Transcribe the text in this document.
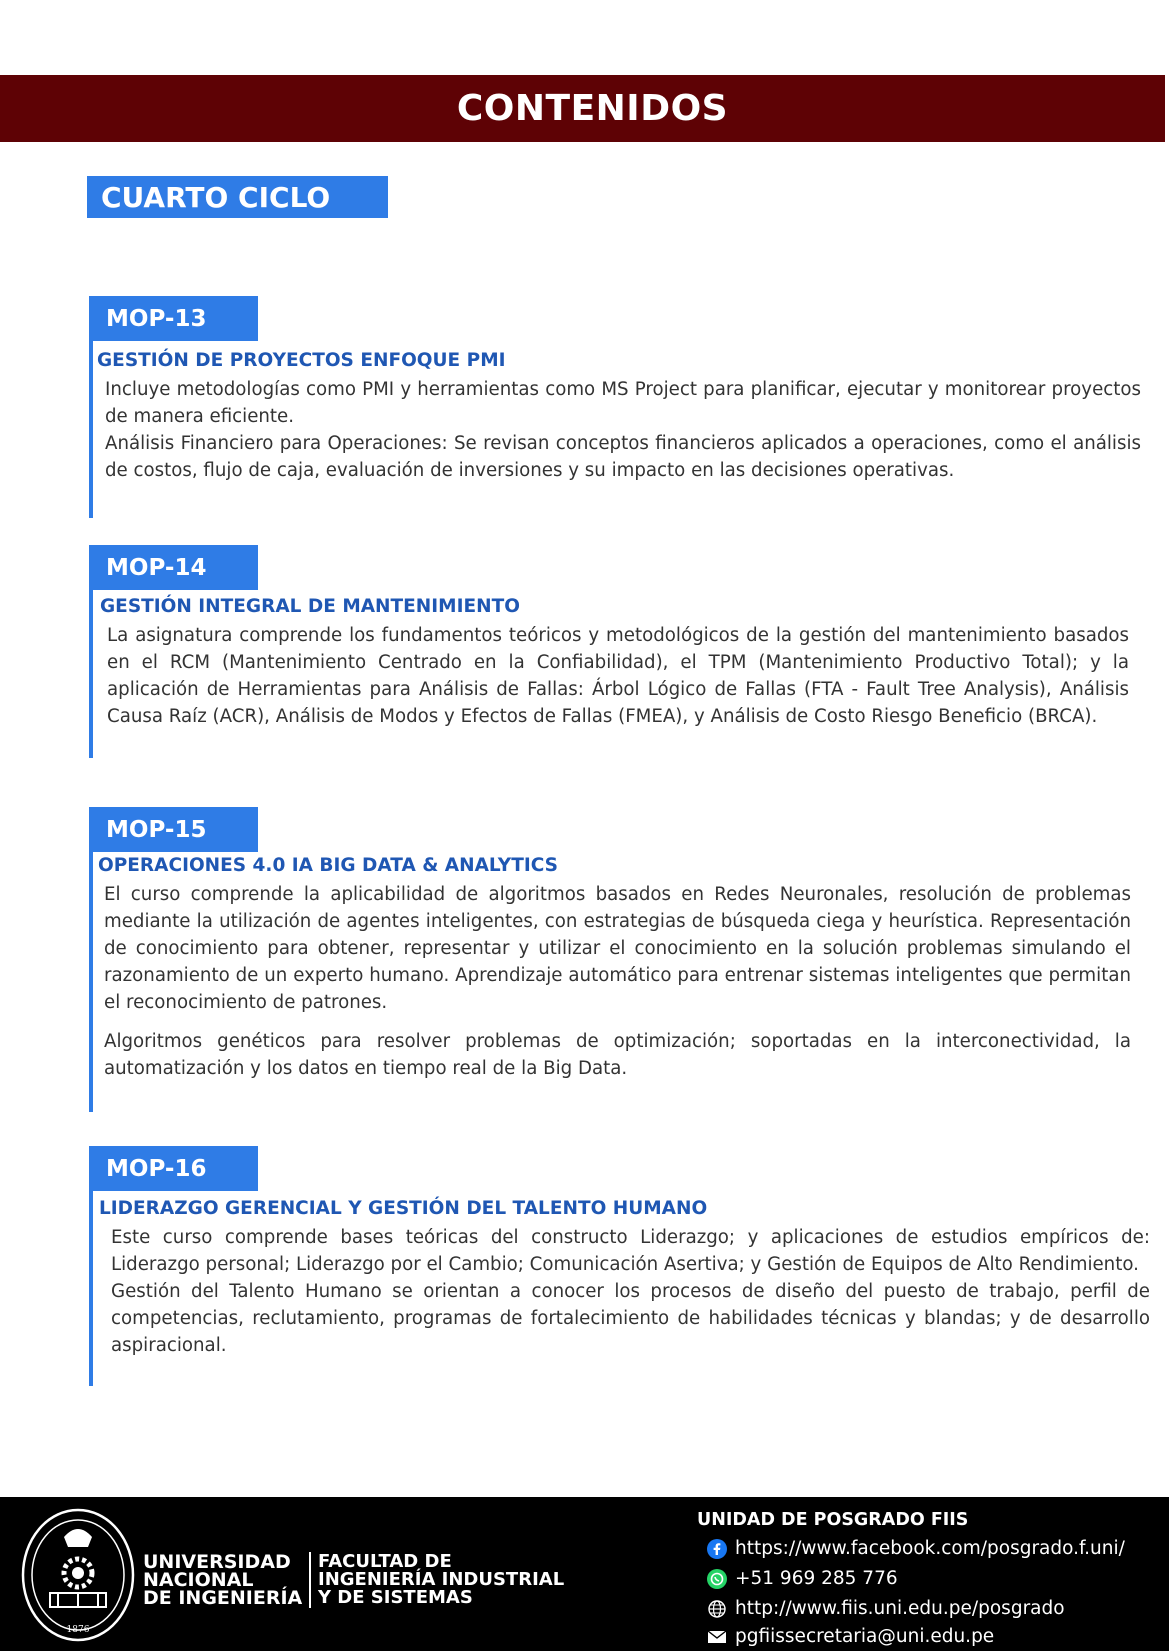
CONTENIDOS
CUARTO CICLO
MOP-13
GESTIÓN DE PROYECTOS ENFOQUE PMI

Incluye metodologías como PMI y herramientas como MS Project para planificar, ejecutar y monitorear proyectos de manera eficiente.

Análisis Financiero para Operaciones: Se revisan conceptos financieros aplicados a operaciones, como el análisis de costos, flujo de caja, evaluación de inversiones y su impacto en las decisiones operativas.

MOP-14
GESTIÓN INTEGRAL DE MANTENIMIENTO

La asignatura comprende los fundamentos teóricos y metodológicos de la gestión del mantenimiento basados en el RCM (Mantenimiento Centrado en la Confiabilidad), el TPM (Mantenimiento Productivo Total); y la aplicación de Herramientas para Análisis de Fallas: Árbol Lógico de Fallas (FTA - Fault Tree Analysis), Análisis Causa Raíz (ACR), Análisis de Modos y Efectos de Fallas (FMEA), y Análisis de Costo Riesgo Beneficio (BRCA).

MOP-15
OPERACIONES 4.0 IA BIG DATA & ANALYTICS

El curso comprende la aplicabilidad de algoritmos basados en Redes Neuronales, resolución de problemas mediante la utilización de agentes inteligentes, con estrategias de búsqueda ciega y heurística. Representación de conocimiento para obtener, representar y utilizar el conocimiento en la solución problemas simulando el razonamiento de un experto humano. Aprendizaje automático para entrenar sistemas inteligentes que permitan el reconocimiento de patrones.

Algoritmos genéticos para resolver problemas de optimización; soportadas en la interconectividad, la automatización y los datos en tiempo real de la Big Data.

MOP-16
LIDERAZGO GERENCIAL Y GESTIÓN DEL TALENTO HUMANO

Este curso comprende bases teóricas del constructo Liderazgo; y aplicaciones de estudios empíricos de: Liderazgo personal; Liderazgo por el Cambio; Comunicación Asertiva; y Gestión de Equipos de Alto Rendimiento.

Gestión del Talento Humano se orientan a conocer los procesos de diseño del puesto de trabajo, perfil de competencias, reclutamiento, programas de fortalecimiento de habilidades técnicas y blandas; y de desarrollo aspiracional.

1876
UNIVERSIDAD
NACIONAL
DE INGENIERÍA
FACULTAD DE
INGENIERÍA INDUSTRIAL
Y DE SISTEMAS
UNIDAD DE POSGRADO FIIS
https://www.facebook.com/posgrado.f.uni/
+51 969 285 776
http://www.fiis.uni.edu.pe/posgrado
pgfiissecretaria@uni.edu.pe
